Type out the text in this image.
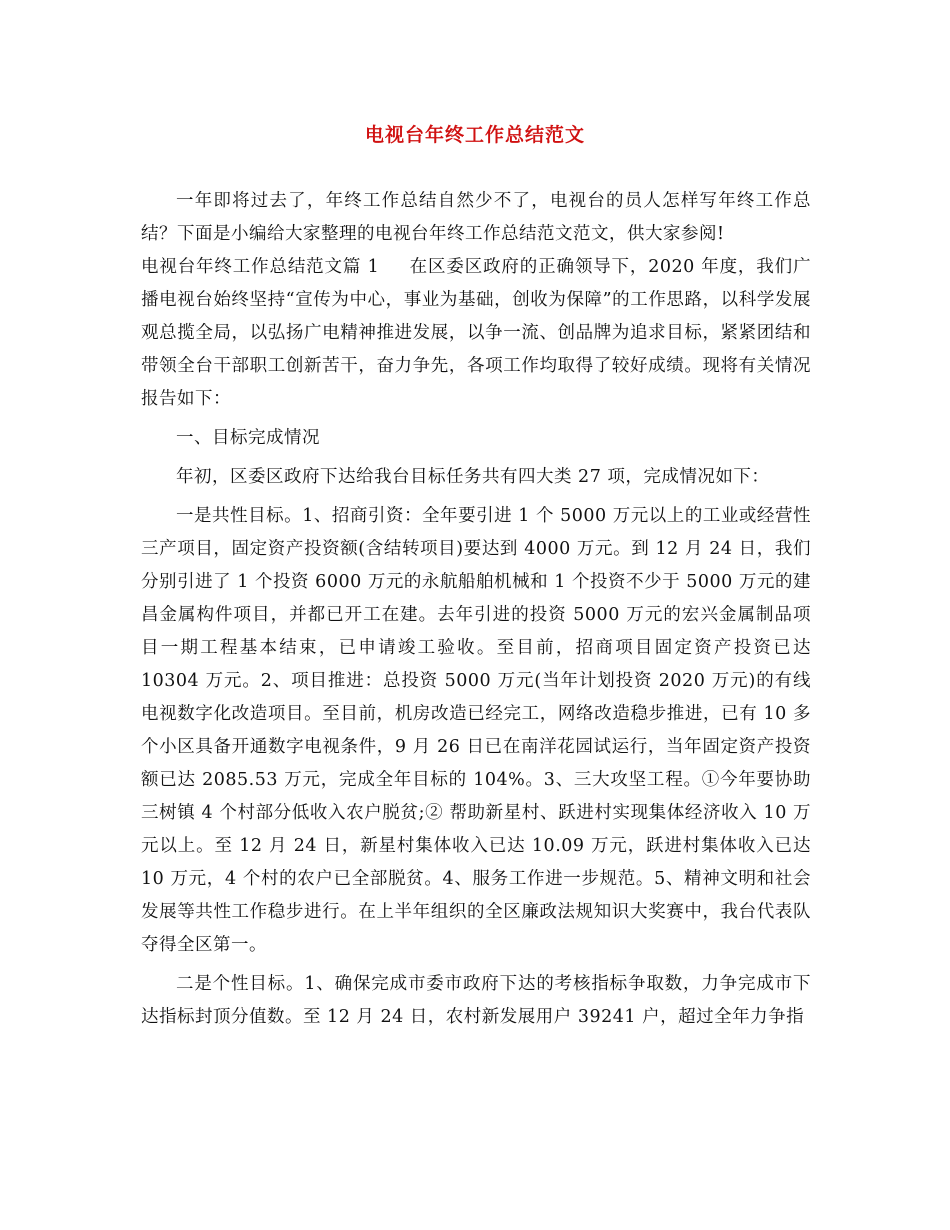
电视台年终工作总结范文

一年即将过去了，年终工作总结自然少不了，电视台的员人怎样写年终工作总结？下面是小编给大家整理的电视台年终工作总结范文范文，供大家参阅!

电视台年终工作总结范文篇 1 在区委区政府的正确领导下，2020 年度，我们广播电视台始终坚持“宣传为中心，事业为基础，创收为保障”的工作思路，以科学发展观总揽全局，以弘扬广电精神推进发展，以争一流、创品牌为追求目标，紧紧团结和带领全台干部职工创新苦干，奋力争先，各项工作均取得了较好成绩。现将有关情况报告如下：

一、目标完成情况

年初，区委区政府下达给我台目标任务共有四大类 27 项，完成情况如下：

一是共性目标。1、招商引资：全年要引进 1 个 5000 万元以上的工业或经营性三产项目，固定资产投资额(含结转项目)要达到 4000 万元。到 12 月 24 日，我们分别引进了 1 个投资 6000 万元的永航船舶机械和 1 个投资不少于 5000 万元的建昌金属构件项目，并都已开工在建。去年引进的投资 5000 万元的宏兴金属制品项目一期工程基本结束，已申请竣工验收。至目前，招商项目固定资产投资已达 10304 万元。2、项目推进：总投资 5000 万元(当年计划投资 2020 万元)的有线电视数字化改造项目。至目前，机房改造已经完工，网络改造稳步推进，已有 10 多个小区具备开通数字电视条件，9 月 26 日已在南洋花园试运行，当年固定资产投资额已达 2085.53 万元，完成全年目标的 104%。3、三大攻坚工程。①今年要协助三树镇 4 个村部分低收入农户脱贫;② 帮助新星村、跃进村实现集体经济收入 10 万元以上。至 12 月 24 日，新星村集体收入已达 10.09 万元，跃进村集体收入已达 10 万元，4 个村的农户已全部脱贫。4、服务工作进一步规范。5、精神文明和社会发展等共性工作稳步进行。在上半年组织的全区廉政法规知识大奖赛中，我台代表队夺得全区第一。

二是个性目标。1、确保完成市委市政府下达的考核指标争取数，力争完成市下达指标封顶分值数。至 12 月 24 日，农村新发展用户 39241 户，超过全年力争指
